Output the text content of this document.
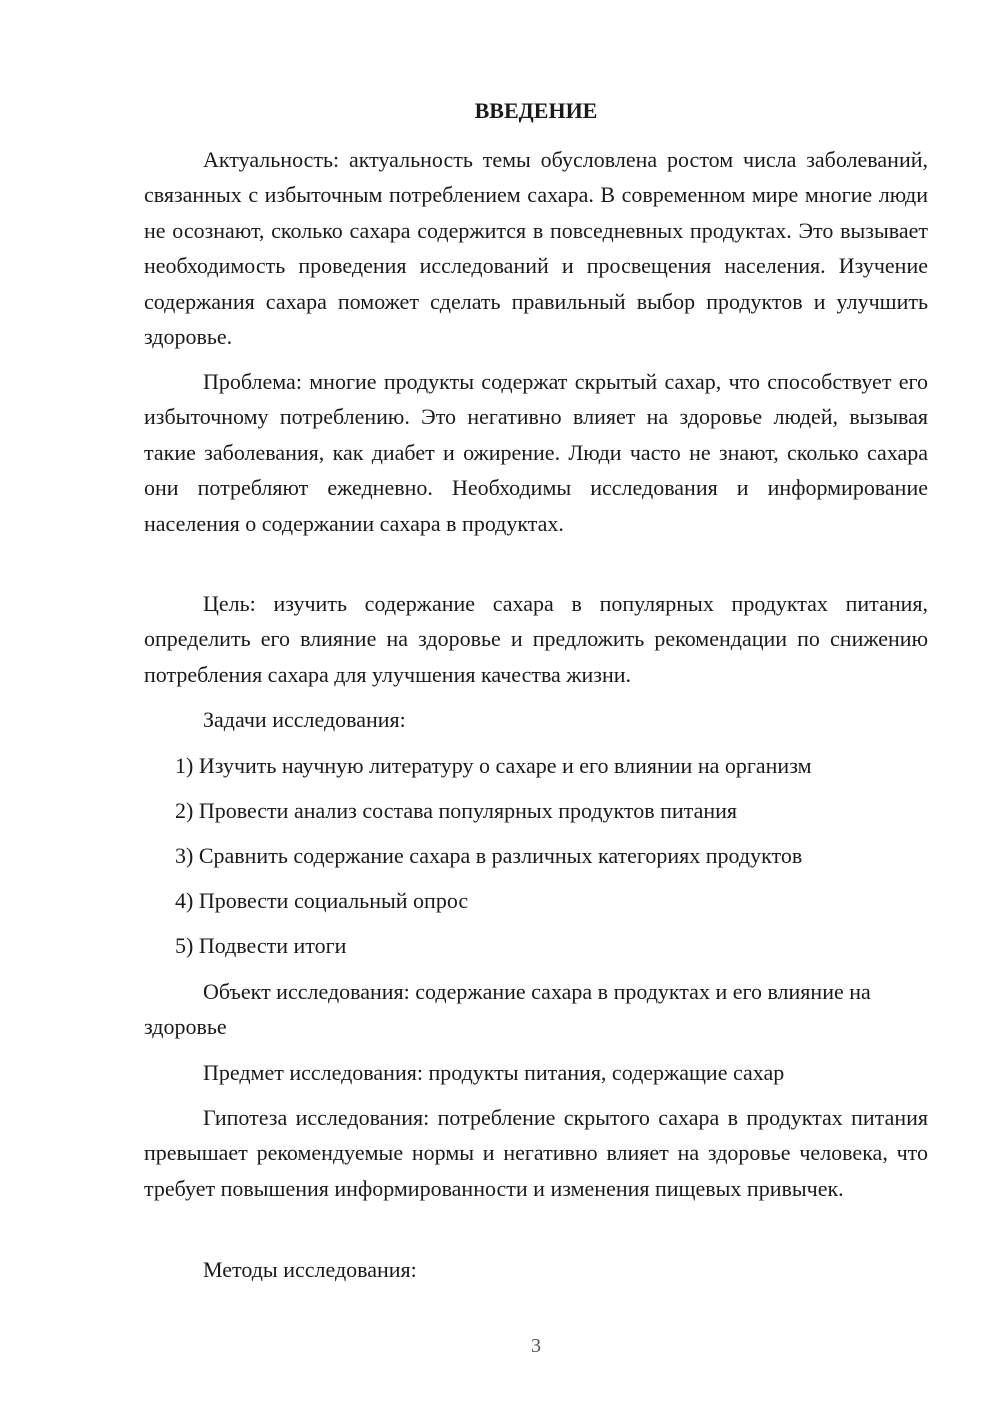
ВВЕДЕНИЕ

Актуальность: актуальность темы обусловлена ростом числа заболеваний, связанных с избыточным потреблением сахара. В современном мире многие люди не осознают, сколько сахара содержится в повседневных продуктах. Это вызывает необходимость проведения исследований и просвещения населения. Изучение содержания сахара поможет сделать правильный выбор продуктов и улучшить здоровье.

Проблема: многие продукты содержат скрытый сахар, что способствует его избыточному потреблению. Это негативно влияет на здоровье людей, вызывая такие заболевания, как диабет и ожирение. Люди часто не знают, сколько сахара они потребляют ежедневно. Необходимы исследования и информирование населения о содержании сахара в продуктах.

Цель: изучить содержание сахара в популярных продуктах питания, определить его влияние на здоровье и предложить рекомендации по снижению потребления сахара для улучшения качества жизни.

Задачи исследования:
1) Изучить научную литературу о сахаре и его влиянии на организм
2) Провести анализ состава популярных продуктов питания
3) Сравнить содержание сахара в различных категориях продуктов
4) Провести социальный опрос
5) Подвести итоги

Объект исследования: содержание сахара в продуктах и его влияние на здоровье

Предмет исследования: продукты питания, содержащие сахар

Гипотеза исследования: потребление скрытого сахара в продуктах питания превышает рекомендуемые нормы и негативно влияет на здоровье человека, что требует повышения информированности и изменения пищевых привычек.

Методы исследования:
3
